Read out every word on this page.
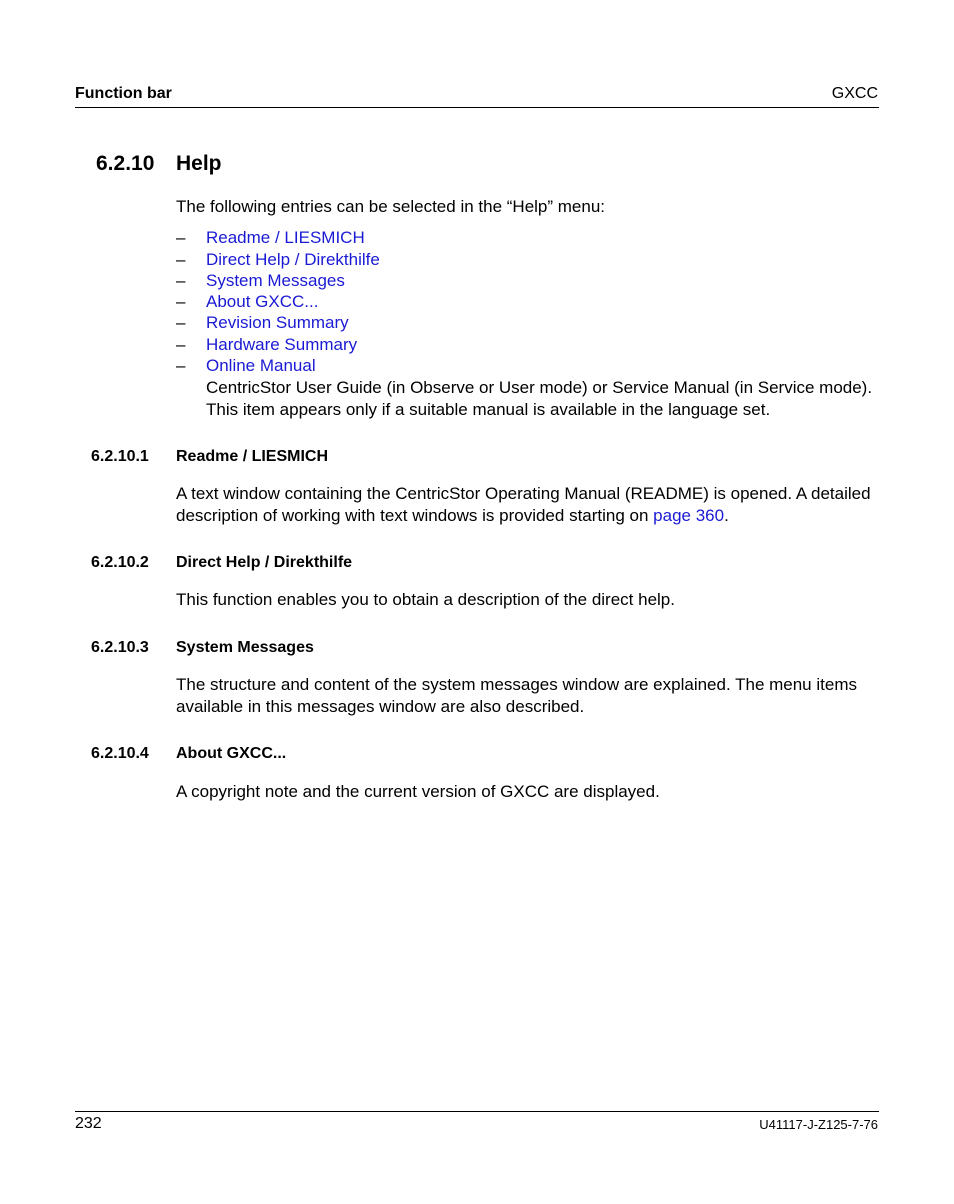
Function bar	GXCC
6.2.10 Help
The following entries can be selected in the “Help” menu:
– Readme / LIESMICH
– Direct Help / Direkthilfe
– System Messages
– About GXCC...
– Revision Summary
– Hardware Summary
– Online Manual
CentricStor User Guide (in Observe or User mode) or Service Manual (in Service mode). This item appears only if a suitable manual is available in the language set.
6.2.10.1 Readme / LIESMICH
A text window containing the CentricStor Operating Manual (README) is opened. A detailed description of working with text windows is provided starting on page 360.
6.2.10.2 Direct Help / Direkthilfe
This function enables you to obtain a description of the direct help.
6.2.10.3 System Messages
The structure and content of the system messages window are explained. The menu items available in this messages window are also described.
6.2.10.4 About GXCC...
A copyright note and the current version of GXCC are displayed.
232	U41117-J-Z125-7-76
